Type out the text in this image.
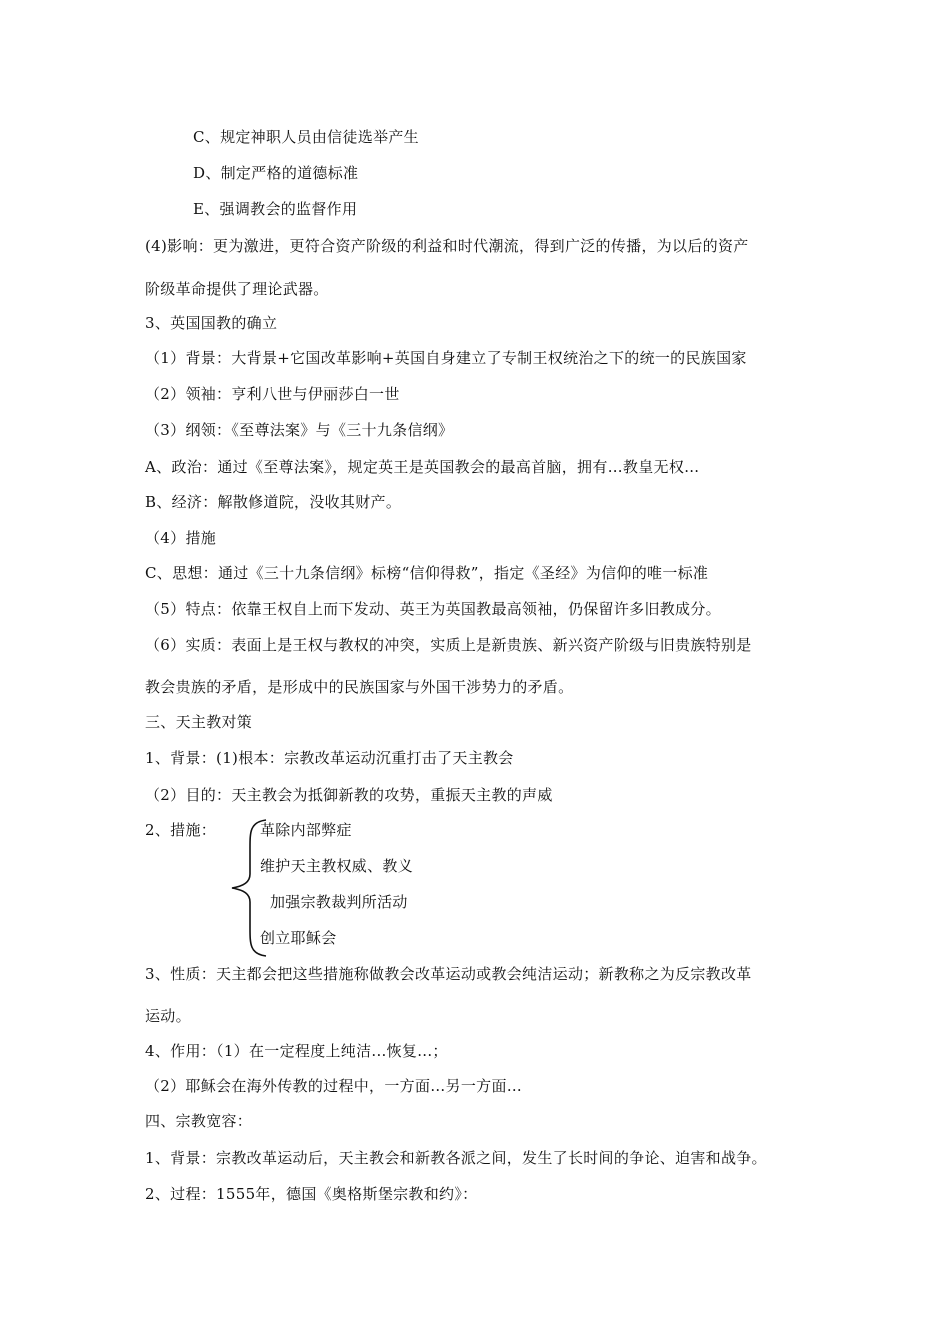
C、规定神职人员由信徒选举产生
D、制定严格的道德标准
E、强调教会的监督作用
(4)影响：更为激进，更符合资产阶级的利益和时代潮流，得到广泛的传播，为以后的资产
阶级革命提供了理论武器。
3、英国国教的确立
（1）背景：大背景+它国改革影响+英国自身建立了专制王权统治之下的统一的民族国家
（2）领袖：亨利八世与伊丽莎白一世
（3）纲领：《至尊法案》与《三十九条信纲》
A、政治：通过《至尊法案》，规定英王是英国教会的最高首脑，拥有…教皇无权…
B、经济：解散修道院，没收其财产。
（4）措施
C、思想：通过《三十九条信纲》标榜“信仰得救”，指定《圣经》为信仰的唯一标准
（5）特点：依靠王权自上而下发动、英王为英国教最高领袖，仍保留许多旧教成分。
（6）实质：表面上是王权与教权的冲突，实质上是新贵族、新兴资产阶级与旧贵族特别是
教会贵族的矛盾，是形成中的民族国家与外国干涉势力的矛盾。
三、天主教对策
1、背景：(1)根本：宗教改革运动沉重打击了天主教会
（2）目的：天主教会为抵御新教的攻势，重振天主教的声威
2、措施：	革除内部弊症
维护天主教权威、教义
加强宗教裁判所活动
创立耶稣会
3、性质：天主都会把这些措施称做教会改革运动或教会纯洁运动；新教称之为反宗教改革
运动。
4、作用：（1）在一定程度上纯洁...恢复...；
（2）耶稣会在海外传教的过程中，一方面…另一方面…
四、宗教宽容：
1、背景：宗教改革运动后，天主教会和新教各派之间，发生了长时间的争论、迫害和战争。
2、过程：1555年，德国《奥格斯堡宗教和约》：
